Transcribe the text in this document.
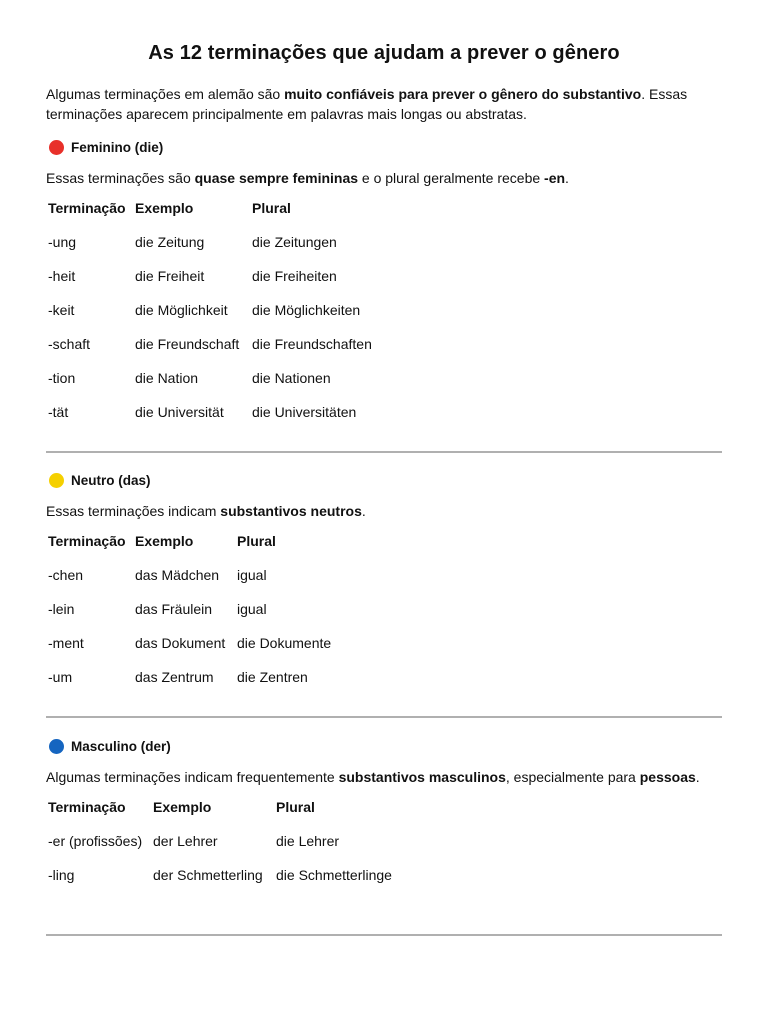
As 12 terminações que ajudam a prever o gênero
Algumas terminações em alemão são muito confiáveis para prever o gênero do substantivo. Essas terminações aparecem principalmente em palavras mais longas ou abstratas.
Feminino (die)
Essas terminações são quase sempre femininas e o plural geralmente recebe -en.
Terminação	Exemplo	Plural
-ung	die Zeitung	die Zeitungen
-heit	die Freiheit	die Freiheiten
-keit	die Möglichkeit	die Möglichkeiten
-schaft	die Freundschaft	die Freundschaften
-tion	die Nation	die Nationen
-tät	die Universität	die Universitäten
Neutro (das)
Essas terminações indicam substantivos neutros.
Terminação	Exemplo	Plural
-chen	das Mädchen	igual
-lein	das Fräulein	igual
-ment	das Dokument	die Dokumente
-um	das Zentrum	die Zentren
Masculino (der)
Algumas terminações indicam frequentemente substantivos masculinos, especialmente para pessoas.
Terminação	Exemplo	Plural
-er (profissões)	der Lehrer	die Lehrer
-ling	der Schmetterling	die Schmetterlinge
